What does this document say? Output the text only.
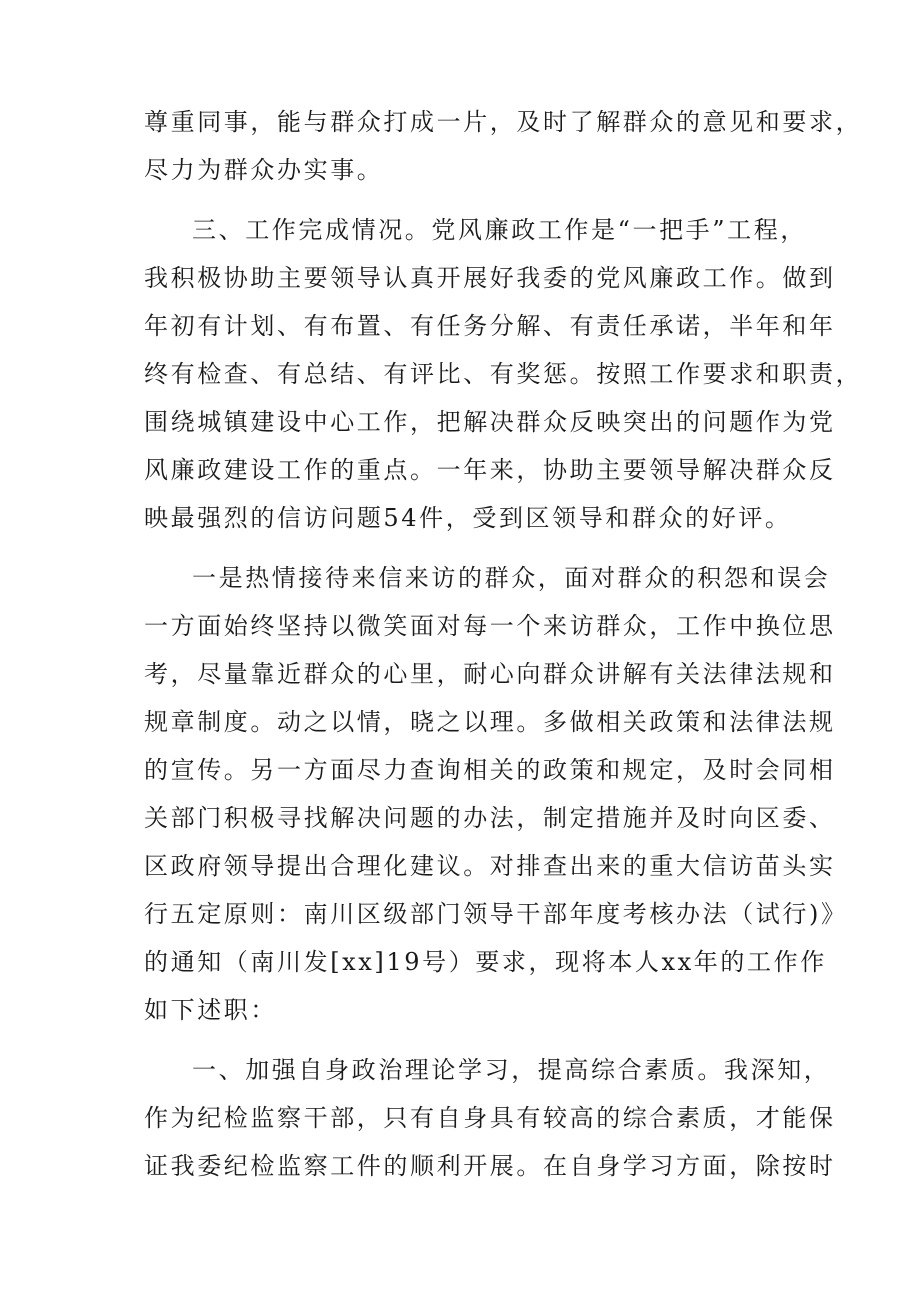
尊重同事，能与群众打成一片，及时了解群众的意见和要求，
尽力为群众办实事。

三、工作完成情况。党风廉政工作是“一把手”工程，
我积极协助主要领导认真开展好我委的党风廉政工作。做到
年初有计划、有布置、有任务分解、有责任承诺，半年和年
终有检查、有总结、有评比、有奖惩。按照工作要求和职责，
围绕城镇建设中心工作，把解决群众反映突出的问题作为党
风廉政建设工作的重点。一年来，协助主要领导解决群众反
映最强烈的信访问题54件，受到区领导和群众的好评。

一是热情接待来信来访的群众，面对群众的积怨和误会
一方面始终坚持以微笑面对每一个来访群众，工作中换位思
考，尽量靠近群众的心里，耐心向群众讲解有关法律法规和
规章制度。动之以情，晓之以理。多做相关政策和法律法规
的宣传。另一方面尽力查询相关的政策和规定，及时会同相
关部门积极寻找解决问题的办法，制定措施并及时向区委、
区政府领导提出合理化建议。对排查出来的重大信访苗头实
行五定原则：南川区级部门领导干部年度考核办法（试行)》
的通知（南川发[xx]19号）要求，现将本人xx年的工作作
如下述职：

一、加强自身政治理论学习，提高综合素质。我深知，
作为纪检监察干部，只有自身具有较高的综合素质，才能保
证我委纪检监察工件的顺利开展。在自身学习方面，除按时
